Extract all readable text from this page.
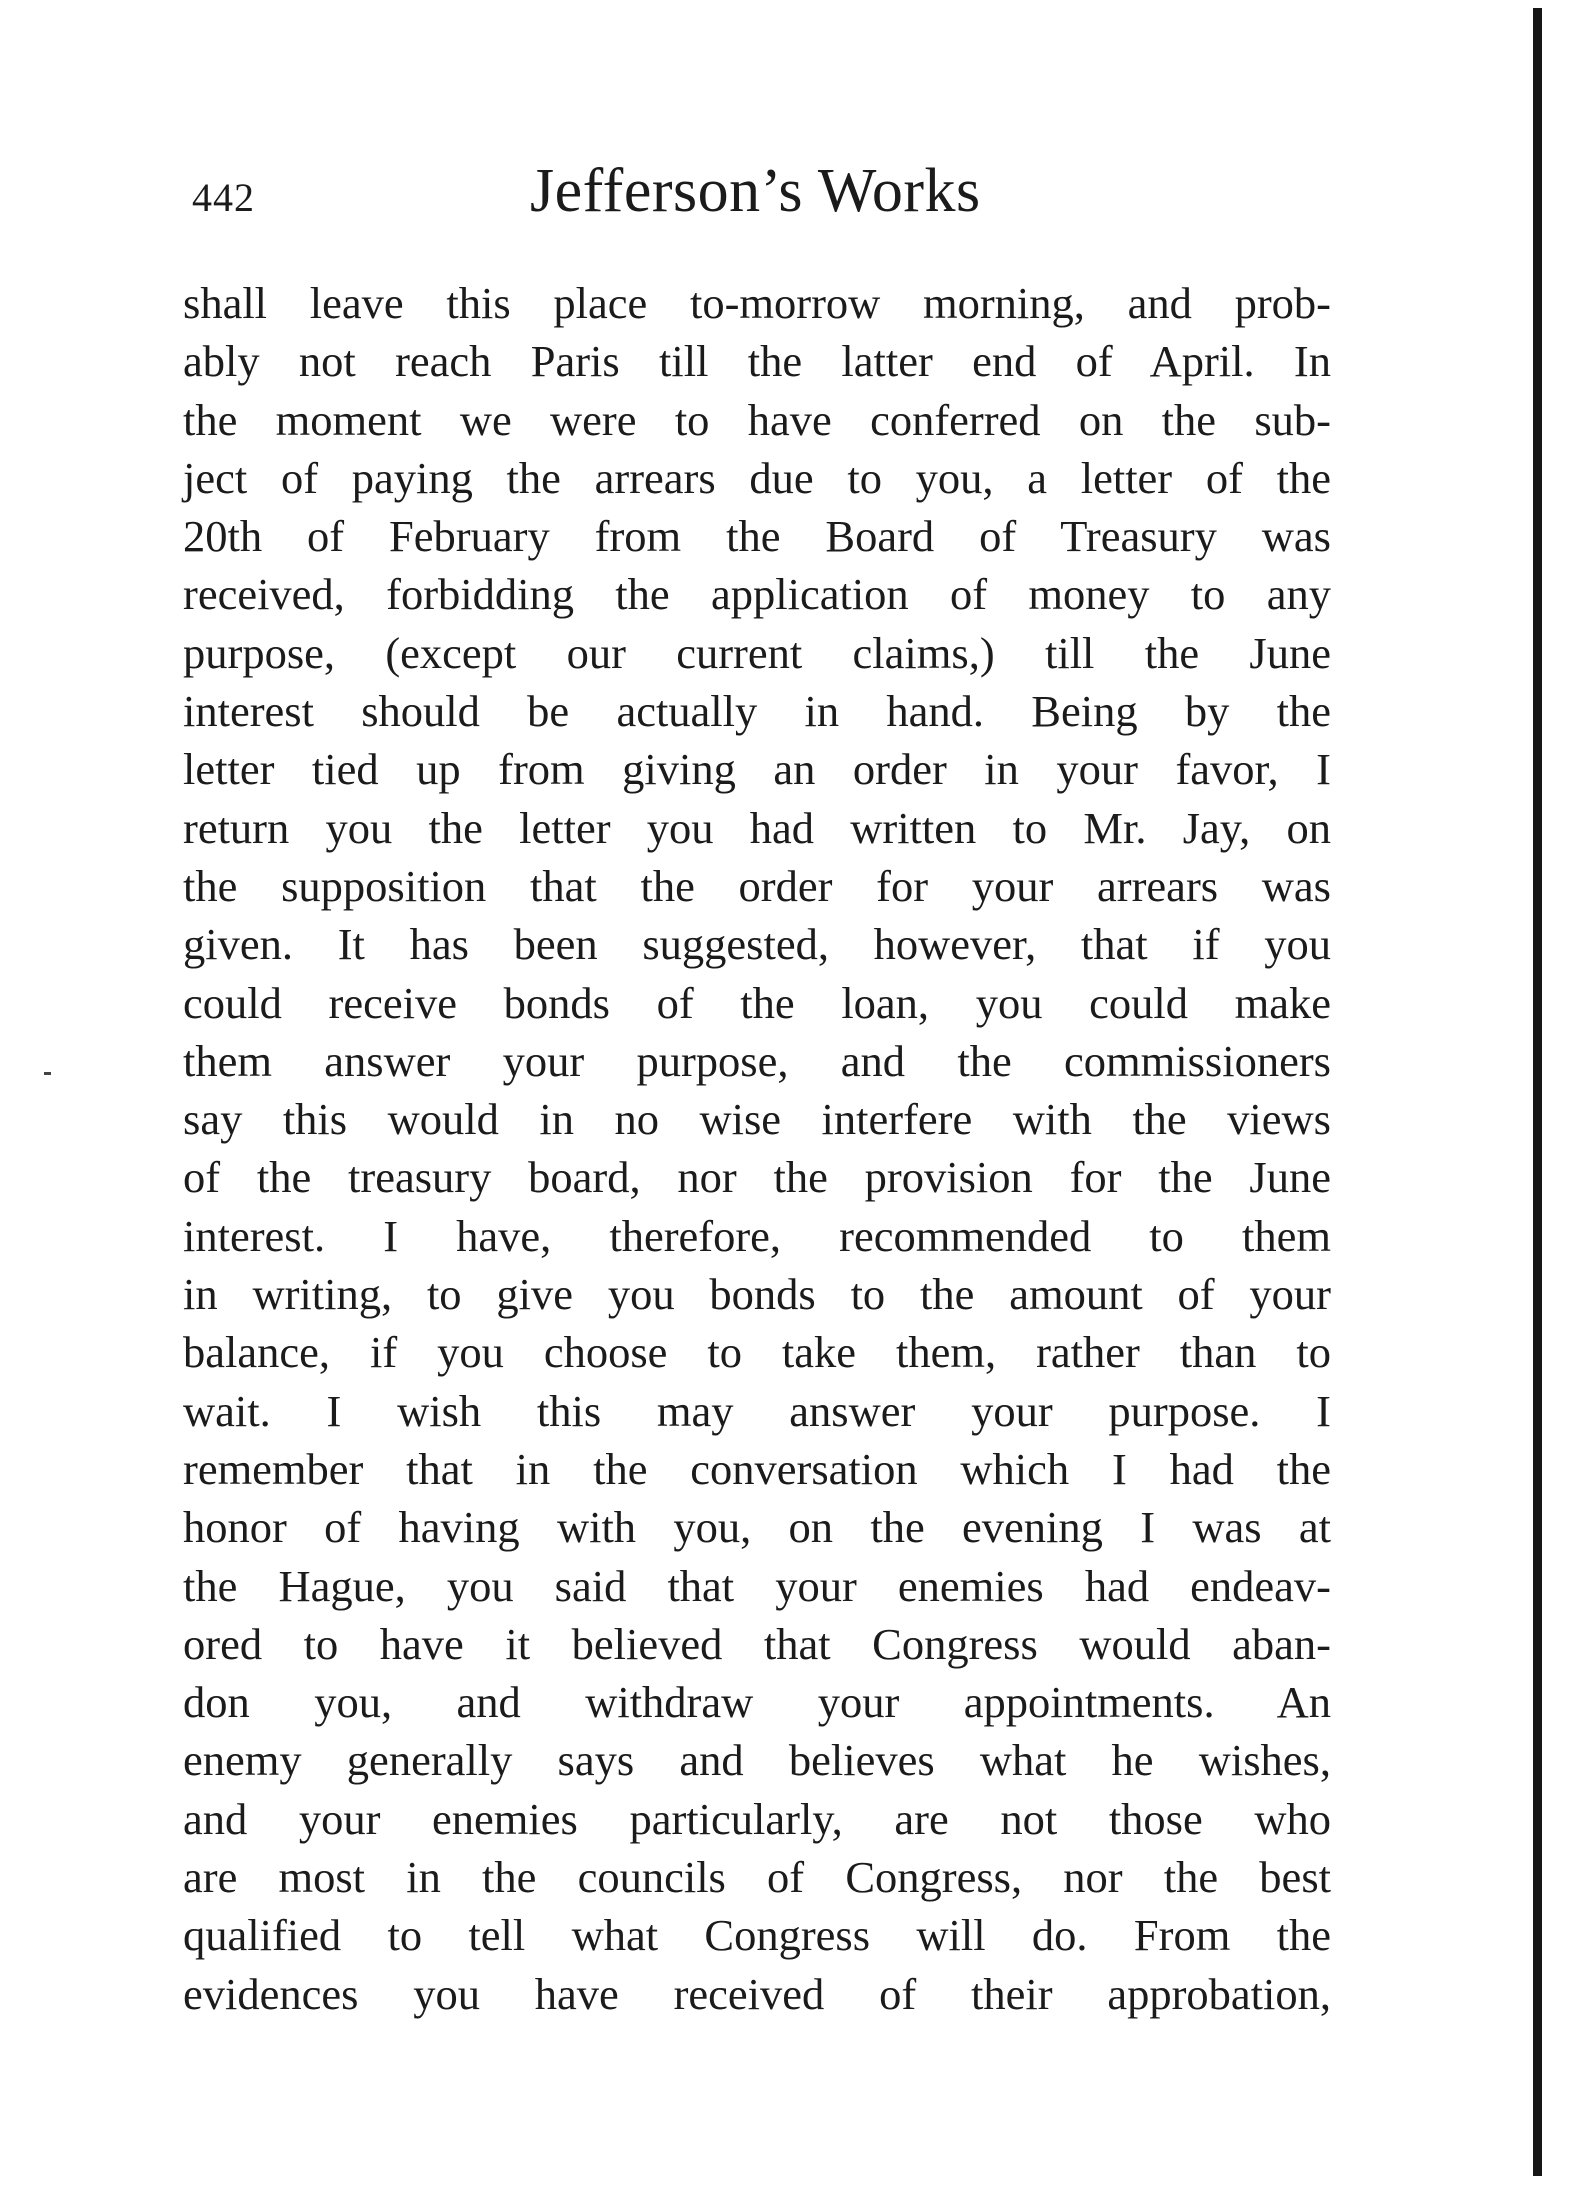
442	Jefferson’s Works
shall leave this place to-morrow morning, and prob-
ably not reach Paris till the latter end of April. In
the moment we were to have conferred on the sub-
ject of paying the arrears due to you, a letter of the
20th of February from the Board of Treasury was
received, forbidding the application of money to any
purpose, (except our current claims,) till the June
interest should be actually in hand. Being by the
letter tied up from giving an order in your favor, I
return you the letter you had written to Mr. Jay, on
the supposition that the order for your arrears was
given. It has been suggested, however, that if you
could receive bonds of the loan, you could make
them answer your purpose, and the commissioners
say this would in no wise interfere with the views
of the treasury board, nor the provision for the June
interest. I have, therefore, recommended to them
in writing, to give you bonds to the amount of your
balance, if you choose to take them, rather than to
wait. I wish this may answer your purpose. I
remember that in the conversation which I had the
honor of having with you, on the evening I was at
the Hague, you said that your enemies had endeav-
ored to have it believed that Congress would aban-
don you, and withdraw your appointments. An
enemy generally says and believes what he wishes,
and your enemies particularly, are not those who
are most in the councils of Congress, nor the best
qualified to tell what Congress will do. From the
evidences you have received of their approbation,
